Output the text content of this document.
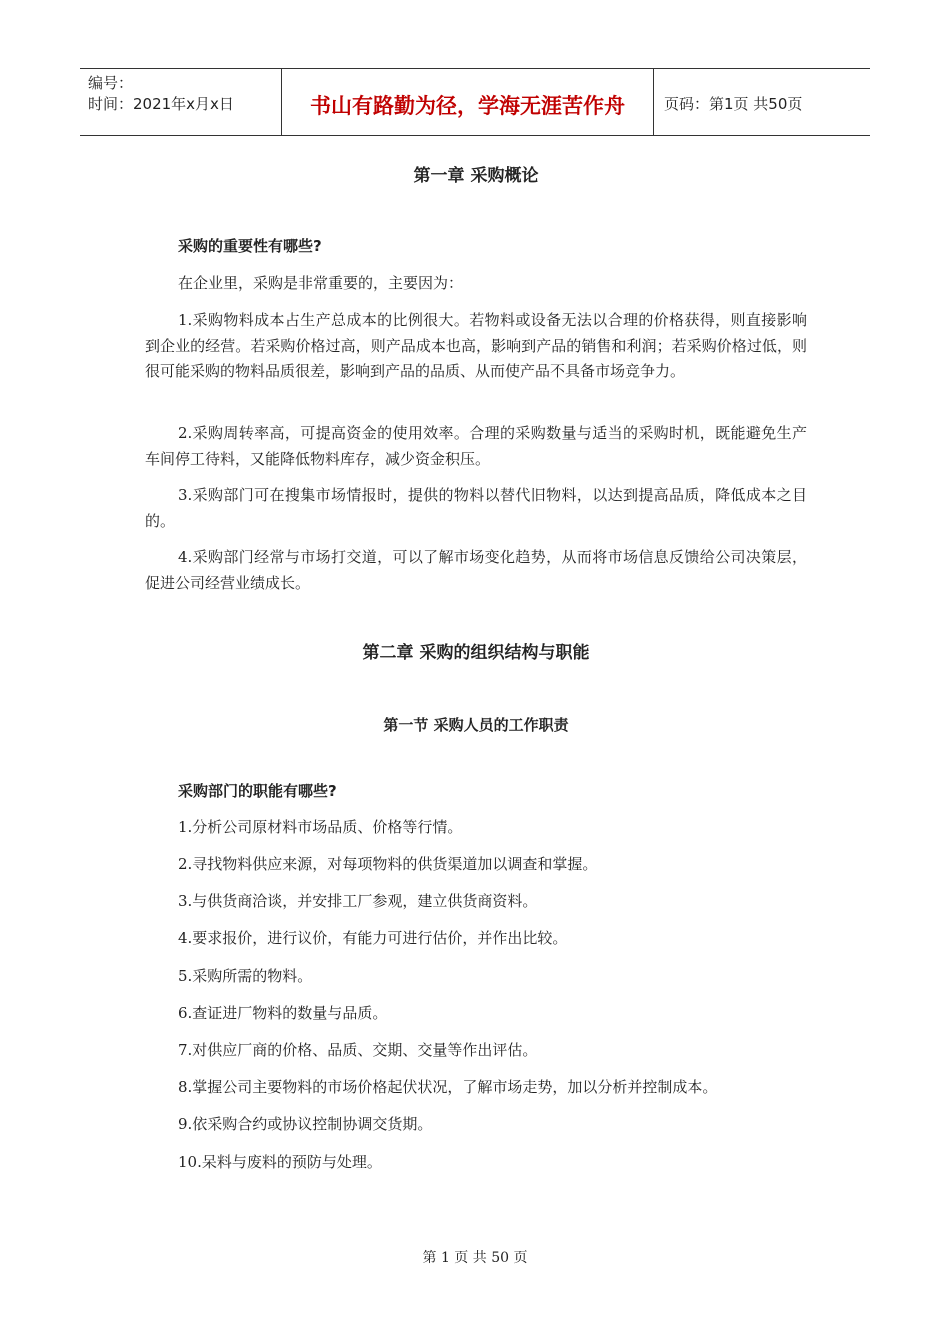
编号：
时间：2021年x月x日	书山有路勤为径，学海无涯苦作舟	页码：第1页 共50页
第一章 采购概论
采购的重要性有哪些?

在企业里，采购是非常重要的，主要因为：

1.采购物料成本占生产总成本的比例很大。若物料或设备无法以合理的价格获得，则直接影响到企业的经营。若采购价格过高，则产品成本也高，影响到产品的销售和利润；若采购价格过低，则很可能采购的物料品质很差，影响到产品的品质、从而使产品不具备市场竞争力。

2.采购周转率高，可提高资金的使用效率。合理的采购数量与适当的采购时机，既能避免生产车间停工待料，又能降低物料库存，减少资金积压。

3.采购部门可在搜集市场情报时，提供的物料以替代旧物料，以达到提高品质，降低成本之目的。

4.采购部门经常与市场打交道，可以了解市场变化趋势，从而将市场信息反馈给公司决策层，促进公司经营业绩成长。

第二章 采购的组织结构与职能
第一节 采购人员的工作职责
采购部门的职能有哪些?
1.分析公司原材料市场品质、价格等行情。
2.寻找物料供应来源，对每项物料的供货渠道加以调查和掌握。
3.与供货商洽谈，并安排工厂参观，建立供货商资料。
4.要求报价，进行议价，有能力可进行估价，并作出比较。
5.采购所需的物料。
6.查证进厂物料的数量与品质。
7.对供应厂商的价格、品质、交期、交量等作出评估。
8.掌握公司主要物料的市场价格起伏状况，了解市场走势，加以分析并控制成本。
9.依采购合约或协议控制协调交货期。
10.呆料与废料的预防与处理。
第 1 页 共 50 页
